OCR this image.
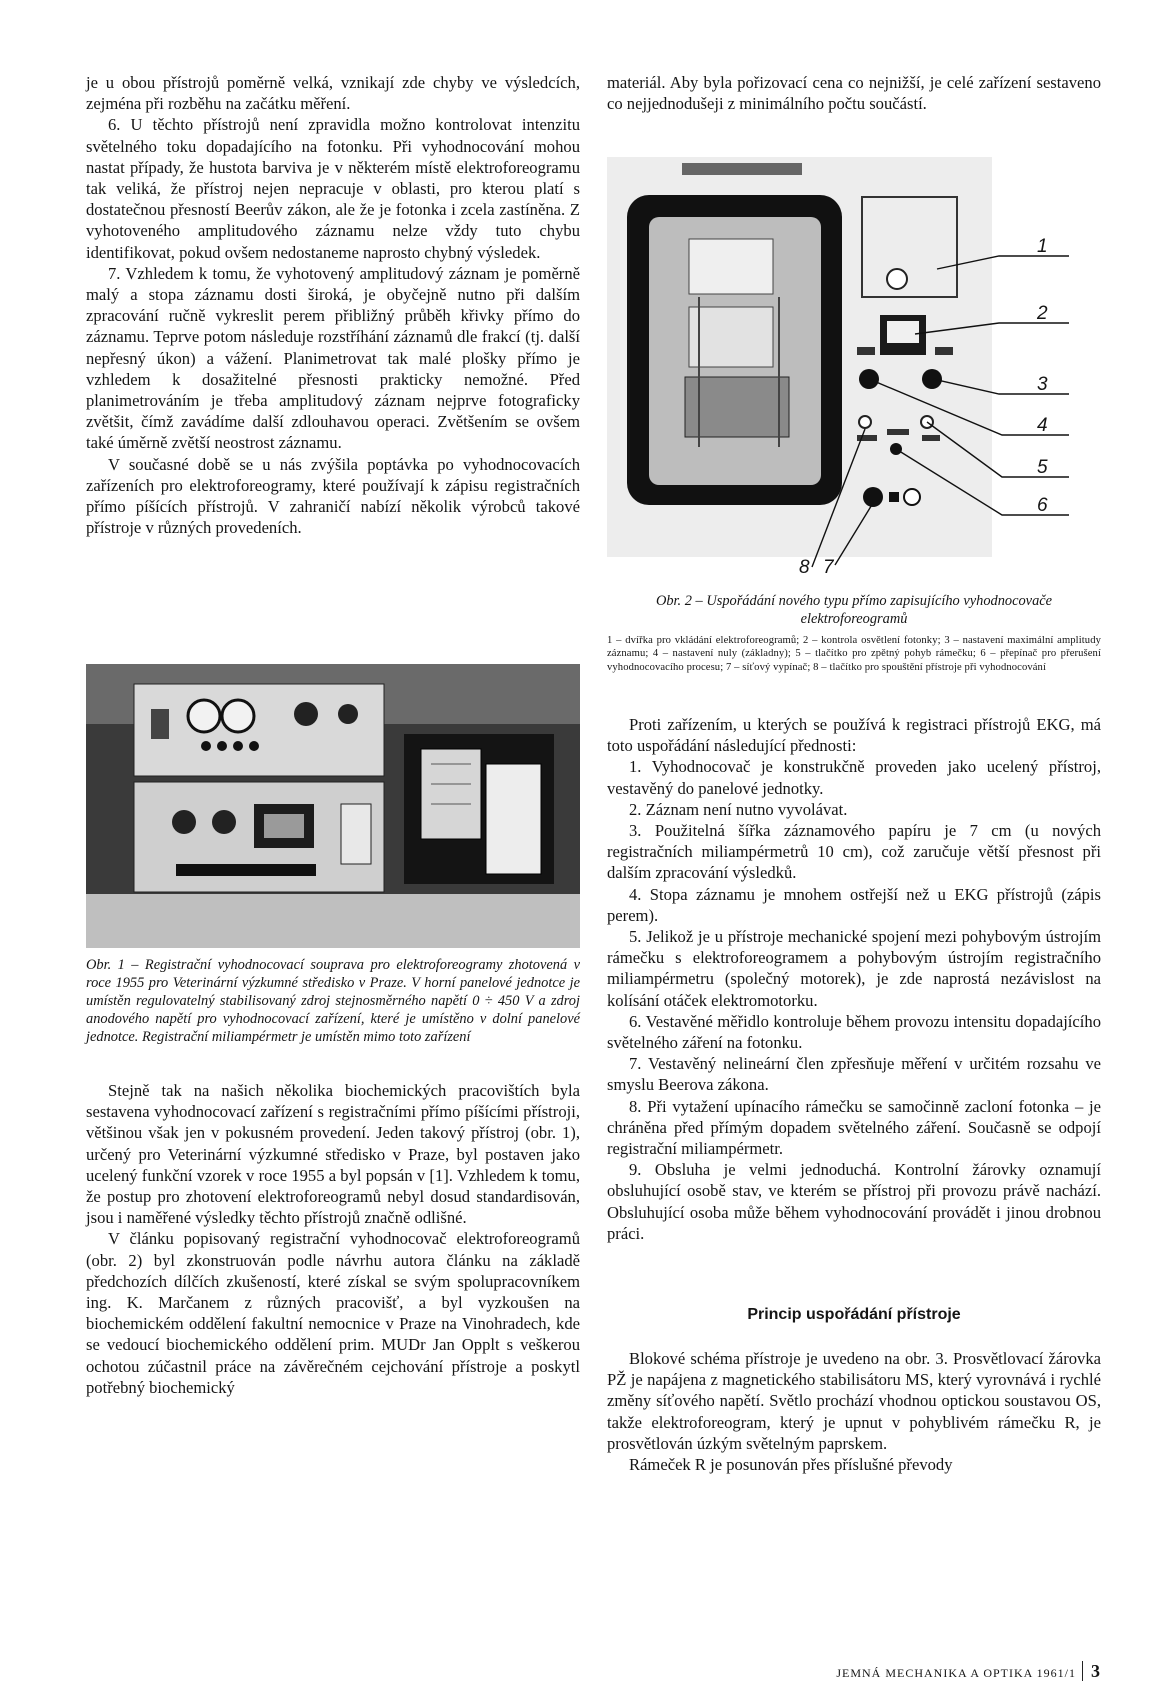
je u obou přístrojů poměrně velká, vznikají zde chyby ve výsledcích, zejména při rozběhu na začátku měření.

6. U těchto přístrojů není zpravidla možno kontrolovat intenzitu světelného toku dopadajícího na fotonku. Při vyhodnocování mohou nastat případy, že hustota barviva je v některém místě elektroforeogramu tak veliká, že přístroj nejen nepracuje v oblasti, pro kterou platí s dostatečnou přesností Beerův zákon, ale že je fotonka i zcela zastíněna. Z vyhotoveného amplitudového záznamu nelze vždy tuto chybu identifikovat, pokud ovšem nedostaneme naprosto chybný výsledek.

7. Vzhledem k tomu, že vyhotovený amplitudový záznam je poměrně malý a stopa záznamu dosti široká, je obyčejně nutno při dalším zpracování ručně vykreslit perem přibližný průběh křivky přímo do záznamu. Teprve potom následuje rozstříhání záznamů dle frakcí (tj. další nepřesný úkon) a vážení. Planimetrovat tak malé plošky přímo je vzhledem k dosažitelné přesnosti prakticky nemožné. Před planimetrováním je třeba amplitudový záznam nejprve fotograficky zvětšit, čímž zavádíme další zdlouhavou operaci. Zvětšením se ovšem také úměrně zvětší neostrost záznamu.

V současné době se u nás zvýšila poptávka po vyhodnocovacích zařízeních pro elektroforeogramy, které používají k zápisu registračních přímo píšících přístrojů. V zahraničí nabízí několik výrobců takové přístroje v různých provedeních.

Obr. 1 – Registrační vyhodnocovací souprava pro elektroforeogramy zhotovená v roce 1955 pro Veterinární výzkumné středisko v Praze. V horní panelové jednotce je umístěn regulovatelný stabilisovaný zdroj stejnosměrného napětí 0 ÷ 450 V a zdroj anodového napětí pro vyhodnocovací zařízení, které je umístěno v dolní panelové jednotce. Registrační miliampérmetr je umístěn mimo toto zařízení

Stejně tak na našich několika biochemických pracovištích byla sestavena vyhodnocovací zařízení s registračními přímo píšícími přístroji, většinou však jen v pokusném provedení. Jeden takový přístroj (obr. 1), určený pro Veterinární výzkumné středisko v Praze, byl postaven jako ucelený funkční vzorek v roce 1955 a byl popsán v [1]. Vzhledem k tomu, že postup pro zhotovení elektroforeogramů nebyl dosud standardisován, jsou i naměřené výsledky těchto přístrojů značně odlišné.

V článku popisovaný registrační vyhodnocovač elektroforeogramů (obr. 2) byl zkonstruován podle návrhu autora článku na základě předchozích dílčích zkušeností, které získal se svým spolupracovníkem ing. K. Marčanem z různých pracovišť, a byl vyzkoušen na biochemickém oddělení fakultní nemocnice v Praze na Vinohradech, kde se vedoucí biochemického oddělení prim. MUDr Jan Opplt s veškerou ochotou zúčastnil práce na závěrečném cejchování přístroje a poskytl potřebný biochemický

materiál. Aby byla pořizovací cena co nejnižší, je celé zařízení sestaveno co nejjednodušeji z minimálního počtu součástí.

1
2
3
4
5
6
8 7
Obr. 2 – Uspořádání nového typu přímo zapisujícího vyhodnocovače elektroforeogramů
1 – dvířka pro vkládání elektroforeogramů; 2 – kontrola osvětlení fotonky; 3 – nastavení maximální amplitudy záznamu; 4 – nastavení nuly (základny); 5 – tlačítko pro zpětný pohyb rámečku; 6 – přepínač pro přerušení vyhodnocovacího procesu; 7 – síťový vypínač; 8 – tlačítko pro spouštění přístroje při vyhodnocování

Proti zařízením, u kterých se používá k registraci přístrojů EKG, má toto uspořádání následující přednosti:

1. Vyhodnocovač je konstrukčně proveden jako ucelený přístroj, vestavěný do panelové jednotky.

2. Záznam není nutno vyvolávat.

3. Použitelná šířka záznamového papíru je 7 cm (u nových registračních miliampérmetrů 10 cm), což zaručuje větší přesnost při dalším zpracování výsledků.

4. Stopa záznamu je mnohem ostřejší než u EKG přístrojů (zápis perem).

5. Jelikož je u přístroje mechanické spojení mezi pohybovým ústrojím rámečku s elektroforeogramem a pohybovým ústrojím registračního miliampérmetru (společný motorek), je zde naprostá nezávislost na kolísání otáček elektromotorku.

6. Vestavěné měřidlo kontroluje během provozu intensitu dopadajícího světelného záření na fotonku.

7. Vestavěný nelineární člen zpřesňuje měření v určitém rozsahu ve smyslu Beerova zákona.

8. Při vytažení upínacího rámečku se samočinně zacloní fotonka – je chráněna před přímým dopadem světelného záření. Současně se odpojí registrační miliampérmetr.

9. Obsluha je velmi jednoduchá. Kontrolní žárovky oznamují obsluhující osobě stav, ve kterém se přístroj při provozu právě nachází. Obsluhující osoba může během vyhodnocování provádět i jinou drobnou práci.

Princip uspořádání přístroje

Blokové schéma přístroje je uvedeno na obr. 3. Prosvětlovací žárovka PŽ je napájena z magnetického stabilisátoru MS, který vyrovnává i rychlé změny síťového napětí. Světlo prochází vhodnou optickou soustavou OS, takže elektroforeogram, který je upnut v pohyblivém rámečku R, je prosvětlován úzkým světelným paprskem.

Rámeček R je posunován přes příslušné převody

JEMNÁ MECHANIKA A OPTIKA 1961/1 3
